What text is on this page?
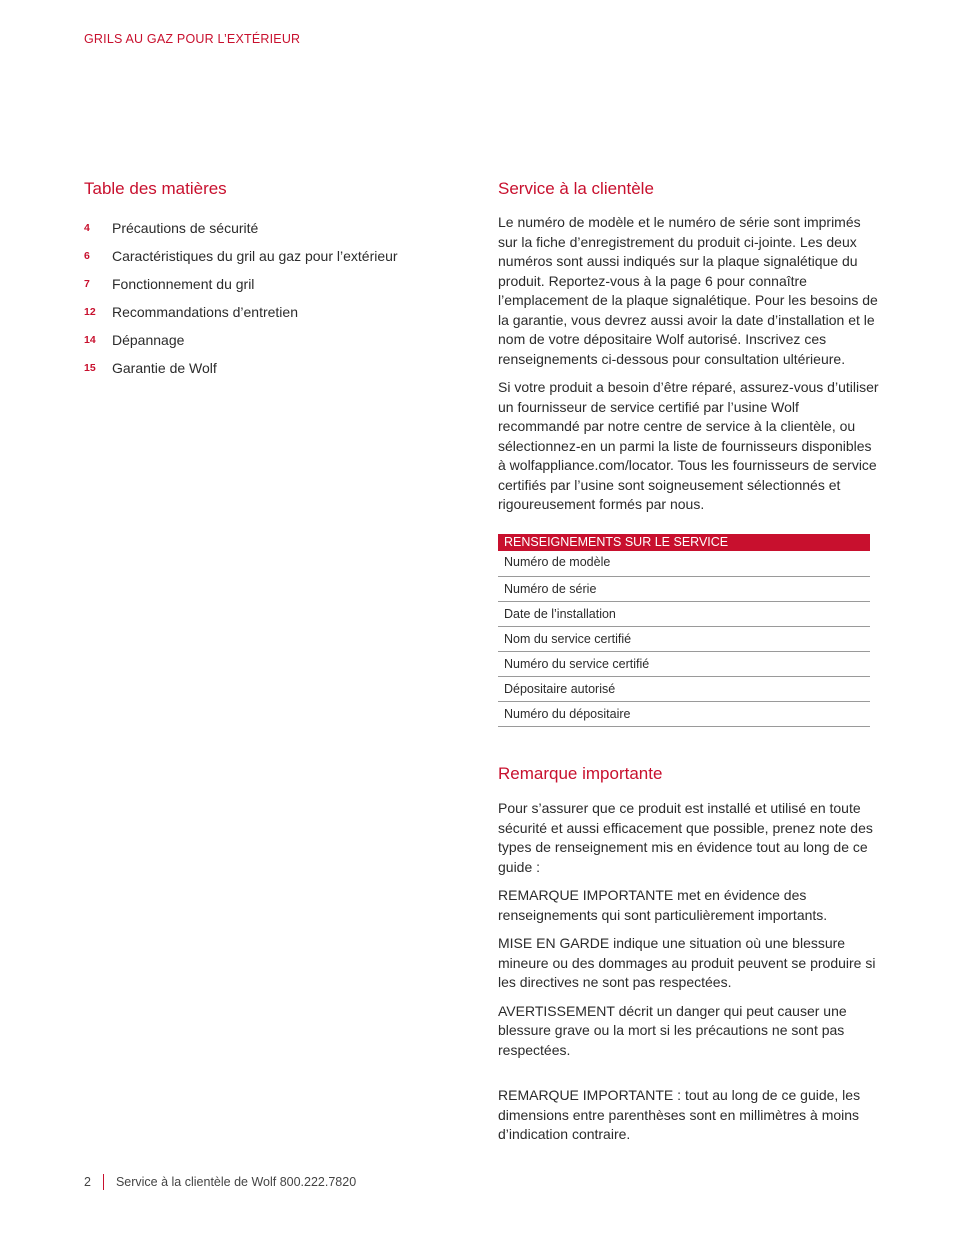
GRILS AU GAZ POUR L’EXTÉRIEUR
Table des matières
4	Précautions de sécurité
6	Caractéristiques du gril au gaz pour l’extérieur
7	Fonctionnement du gril
12	Recommandations d’entretien
14	Dépannage
15	Garantie de Wolf
Service à la clientèle

Le numéro de modèle et le numéro de série sont imprimés sur la fiche d’enregistrement du produit ci-jointe. Les deux numéros sont aussi indiqués sur la plaque signalétique du produit. Reportez-vous à la page 6 pour connaître l’emplacement de la plaque signalétique. Pour les besoins de la garantie, vous devrez aussi avoir la date d’installation et le nom de votre dépositaire Wolf autorisé. Inscrivez ces renseignements ci-dessous pour consultation ultérieure.

Si votre produit a besoin d’être réparé, assurez-vous d’utiliser un fournisseur de service certifié par l’usine Wolf recommandé par notre centre de service à la clientèle, ou sélectionnez-en un parmi la liste de fournisseurs disponibles à wolfappliance.com/locator. Tous les fournisseurs de service certifiés par l’usine sont soigneusement sélectionnés et rigoureusement formés par nous.

RENSEIGNEMENTS SUR LE SERVICE
Numéro de modèle
Numéro de série
Date de l’installation
Nom du service certifié
Numéro du service certifié
Dépositaire autorisé
Numéro du dépositaire
Remarque importante

Pour s’assurer que ce produit est installé et utilisé en toute sécurité et aussi efficacement que possible, prenez note des types de renseignement mis en évidence tout au long de ce guide :

REMARQUE IMPORTANTE met en évidence des renseignements qui sont particulièrement importants.

MISE EN GARDE indique une situation où une blessure mineure ou des dommages au produit peuvent se produire si les directives ne sont pas respectées.

AVERTISSEMENT décrit un danger qui peut causer une blessure grave ou la mort si les précautions ne sont pas respectées.

REMARQUE IMPORTANTE : tout au long de ce guide, les dimensions entre parenthèses sont en millimètres à moins d’indication contraire.

2 Service à la clientèle de Wolf 800.222.7820
